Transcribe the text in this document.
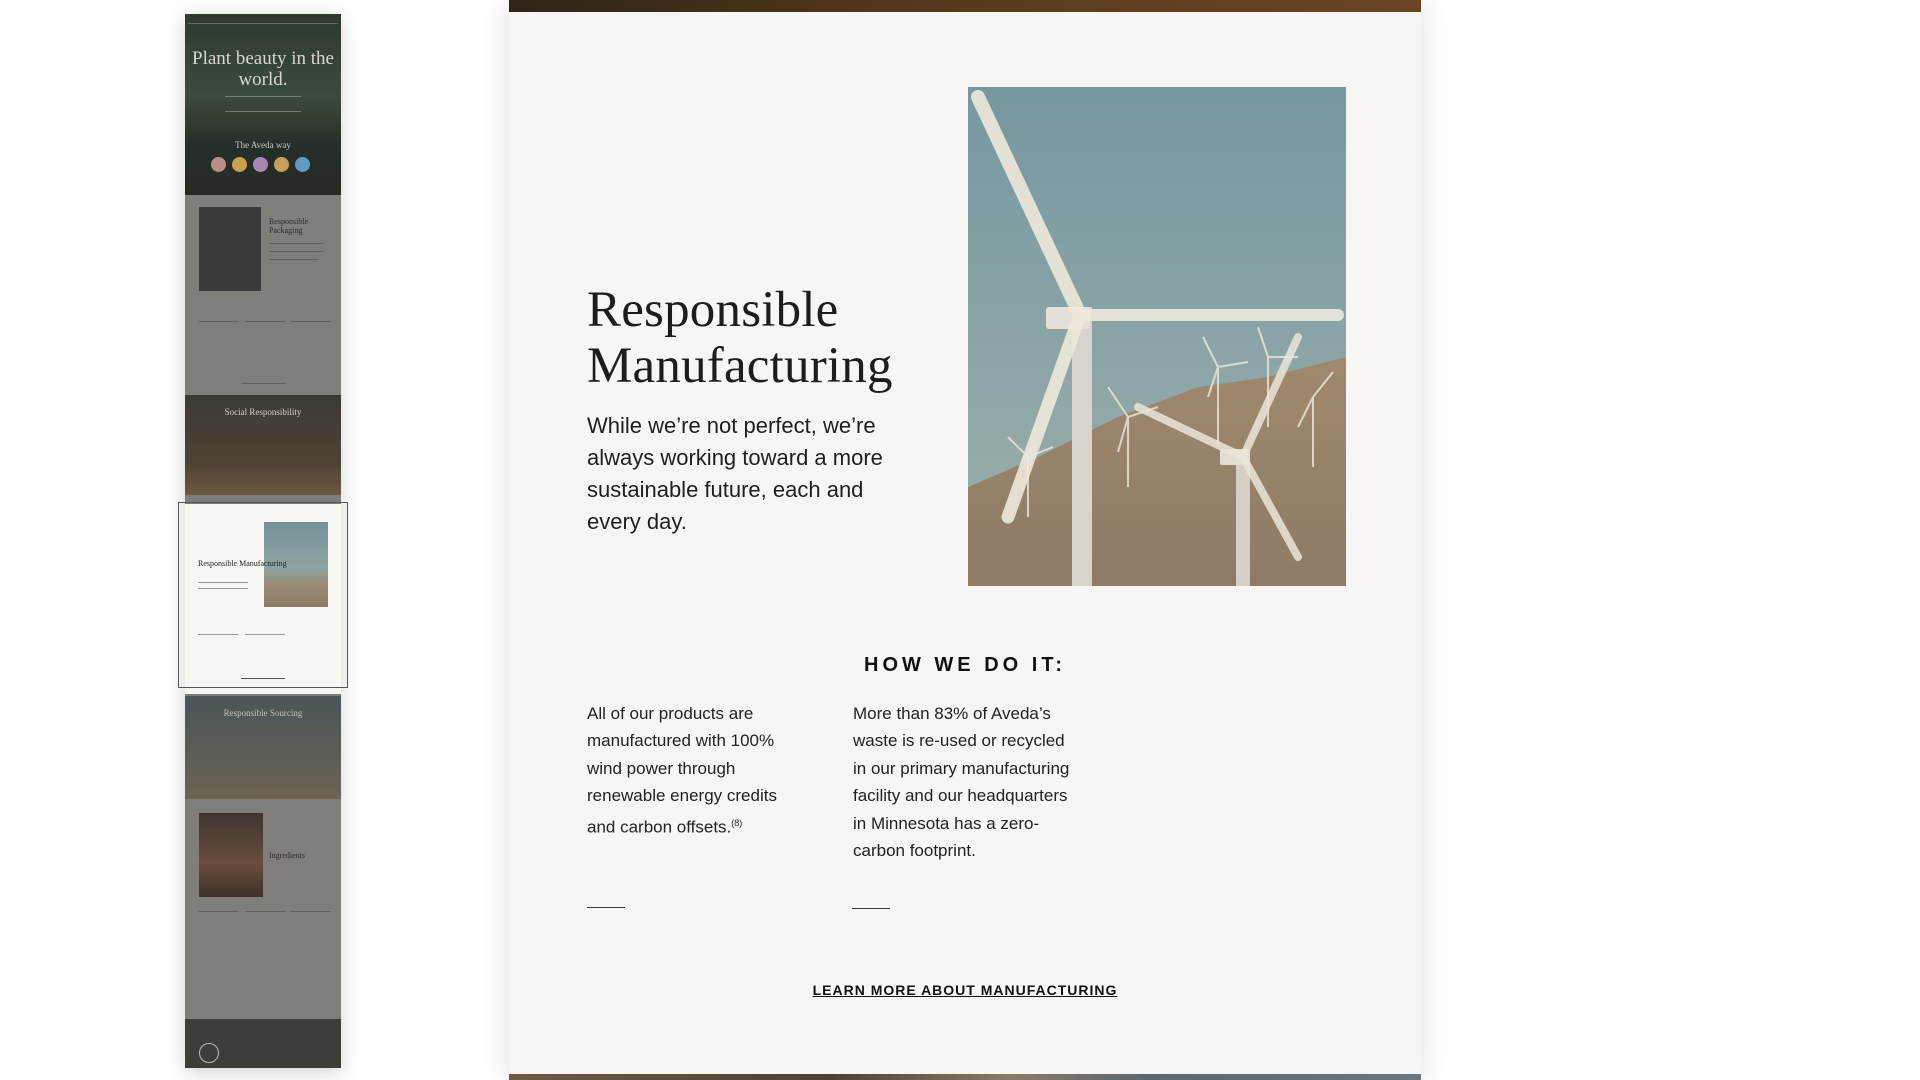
Plant beauty in the world.
The Aveda way
Responsible Packaging
Social Responsibility
Responsible Manufacturing
Responsible Sourcing
Ingredients
Responsible Manufacturing

While we’re not perfect, we’re always working toward a more sustainable future, each and every day.

HOW WE DO IT:

All of our products are manufactured with 100% wind power through renewable energy credits and carbon offsets.$^{(8)}$

More than 83% of Aveda’s waste is re-used or recycled in our primary manufacturing facility and our headquarters in Minnesota has a zero-carbon footprint.

LEARN MORE ABOUT MANUFACTURING
